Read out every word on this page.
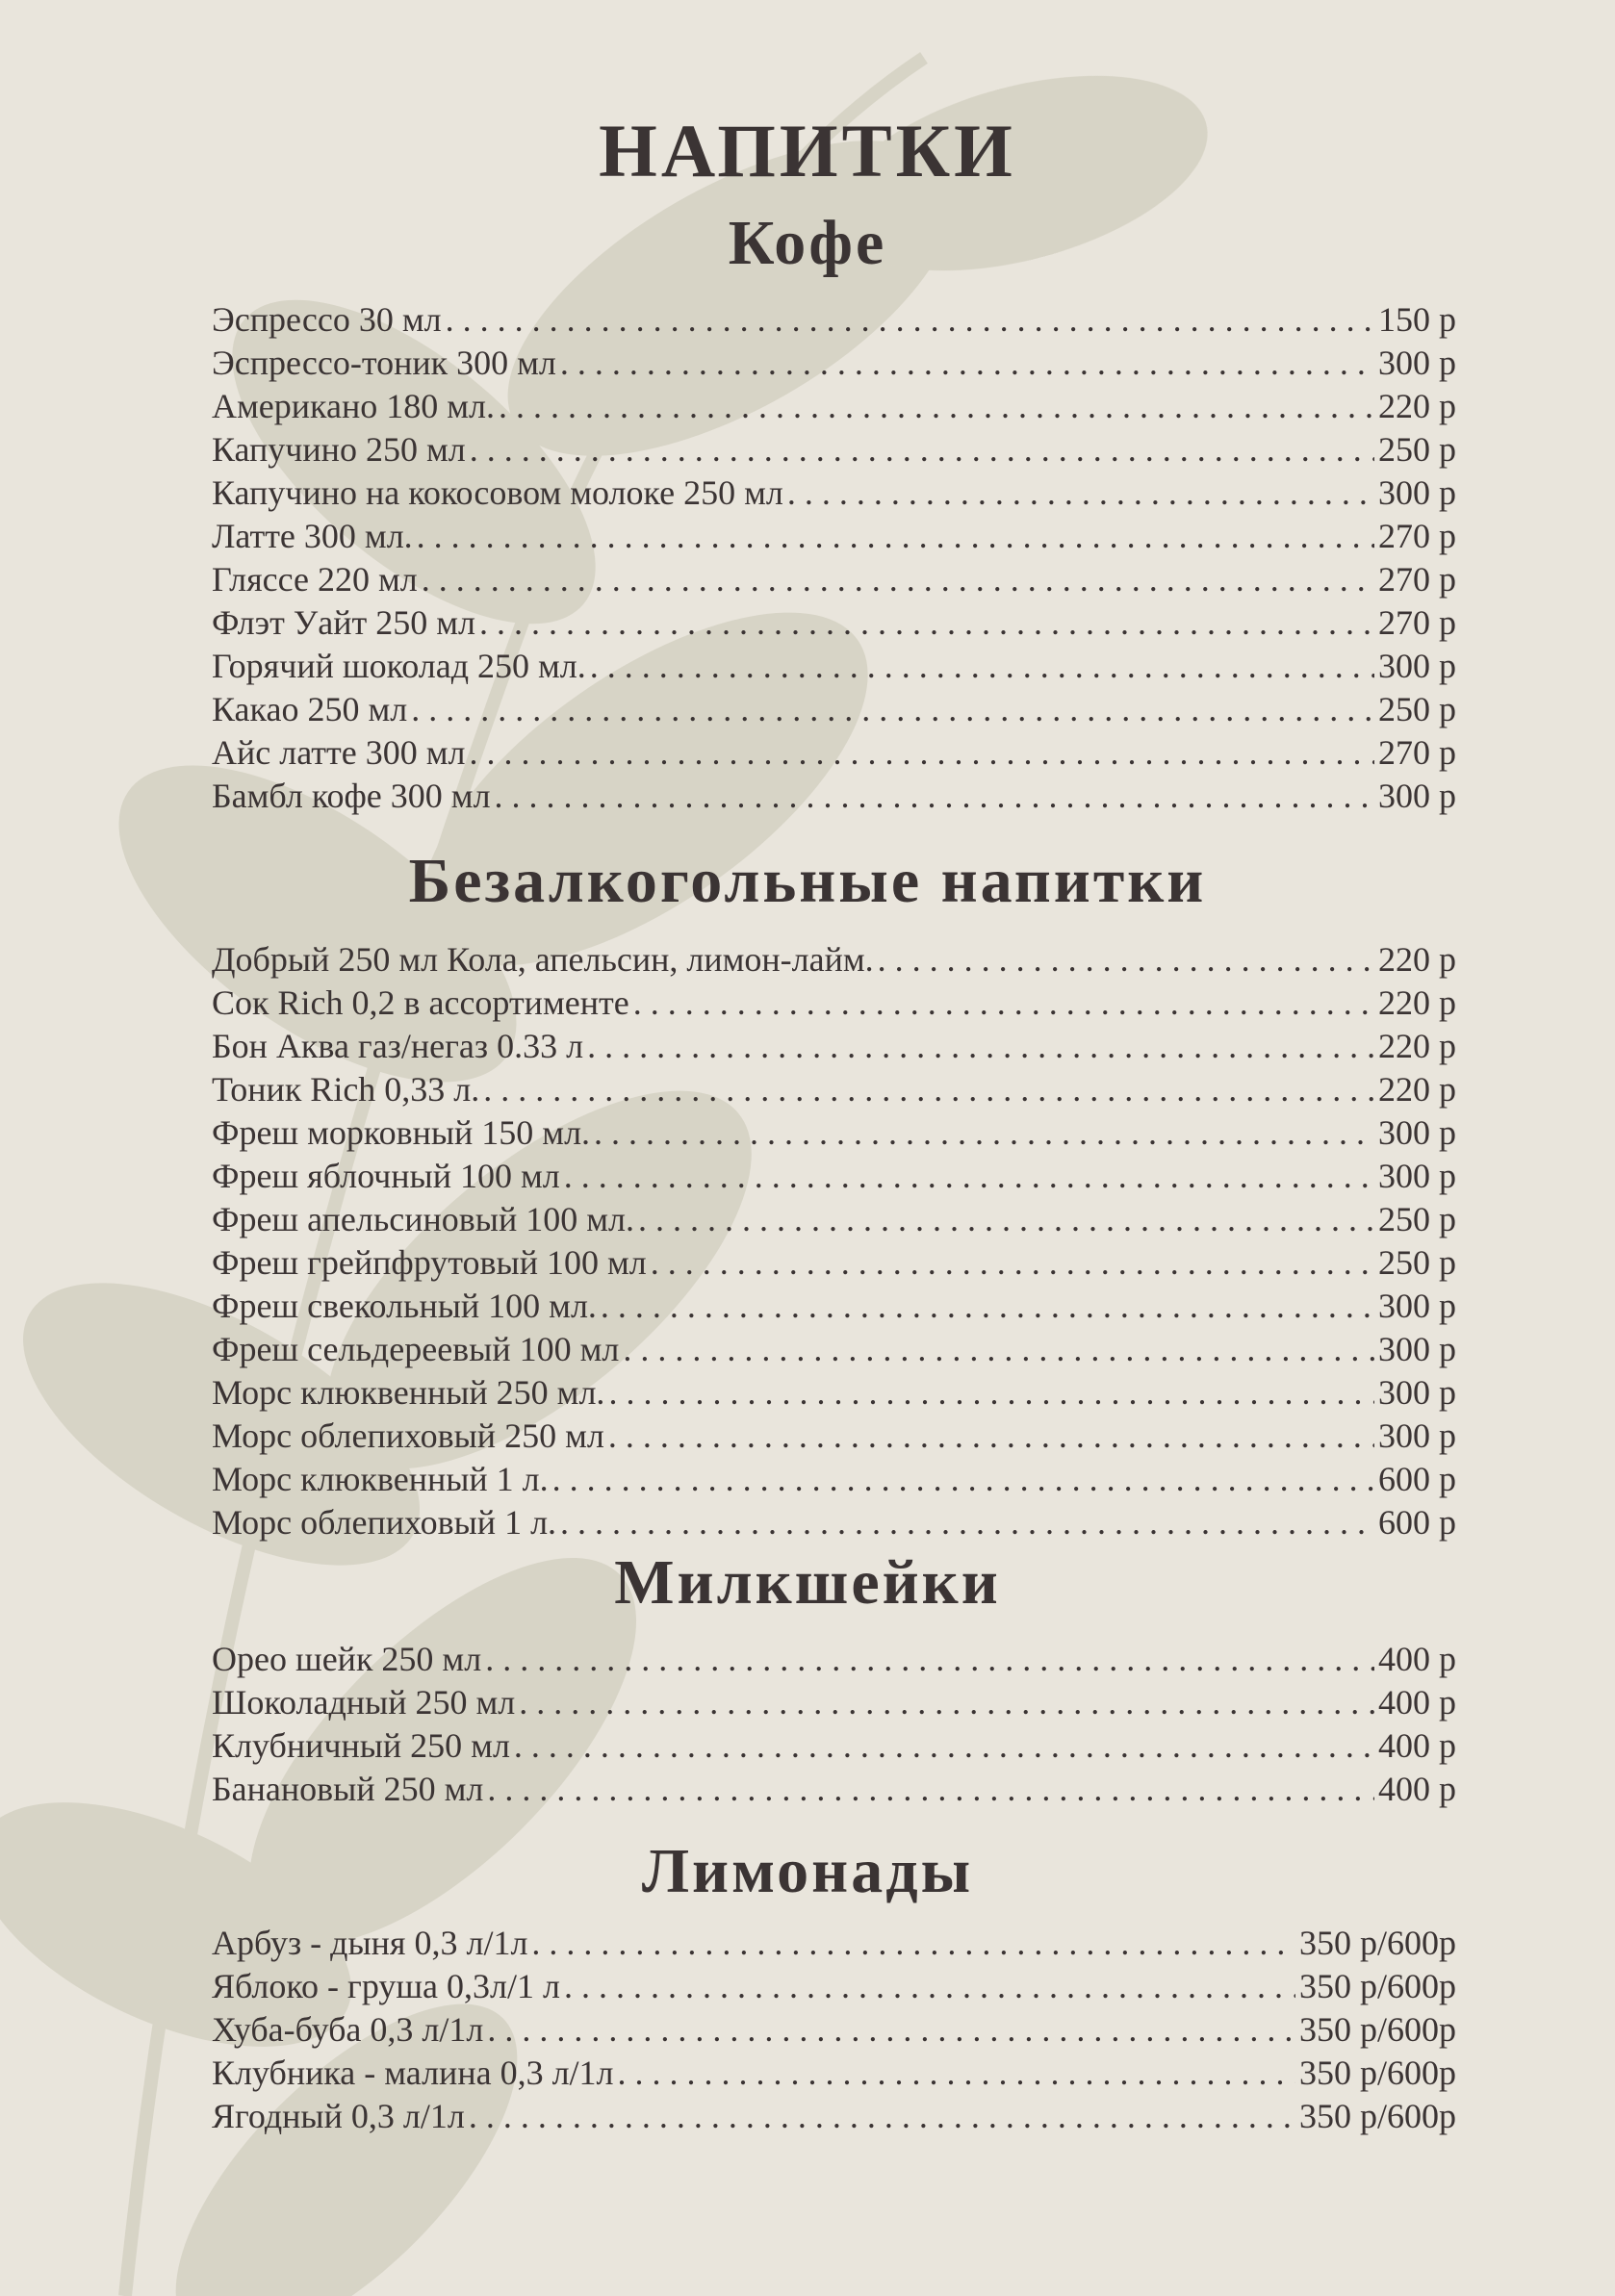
НАПИТКИ
Кофе
Эспрессо 30 мл . . .	150 р
Эспрессо-тоник 300 мл . . .	300 р
Американо 180 мл. . . .	220 р
Капучино 250 мл . . .	250 р
Капучино на кокосовом молоке 250 мл . . .	300 р
Латте 300 мл. . . .	270 р
Гляссе 220 мл . . .	270 р
Флэт Уайт 250 мл . . .	270 р
Горячий шоколад 250 мл. . . .	300 р
Какао 250 мл . . .	250 р
Айс латте 300 мл . . .	270 р
Бамбл кофе 300 мл . . .	300 р
Безалкогольные напитки
Добрый 250 мл Кола, апельсин, лимон-лайм. . . .	220 р
Сок Rich 0,2 в ассортименте . . .	220 р
Бон Аква газ/негаз 0.33 л . . .	220 р
Тоник Rich 0,33 л. . . .	220 р
Фреш морковный 150 мл. . . .	300 р
Фреш яблочный 100 мл . . .	300 р
Фреш апельсиновый 100 мл. . . .	250 р
Фреш грейпфрутовый 100 мл . . .	250 р
Фреш свекольный 100 мл. . . .	300 р
Фреш сельдереевый 100 мл . . .	300 р
Морс клюквенный 250 мл. . . .	300 р
Морс облепиховый 250 мл . . .	300 р
Морс клюквенный 1 л. . . .	600 р
Морс облепиховый 1 л. . . .	600 р
Милкшейки
Орео шейк 250 мл . . .	400 р
Шоколадный 250 мл . . .	400 р
Клубничный 250 мл . . .	400 р
Банановый 250 мл . . .	400 р
Лимонады
Арбуз - дыня 0,3 л/1л . . .	350 р/600р
Яблоко - груша 0,3л/1 л . . .	350 р/600р
Хуба-буба 0,3 л/1л . . .	350 р/600р
Клубника - малина 0,3 л/1л . . .	350 р/600р
Ягодный 0,3 л/1л . . .	350 р/600р
